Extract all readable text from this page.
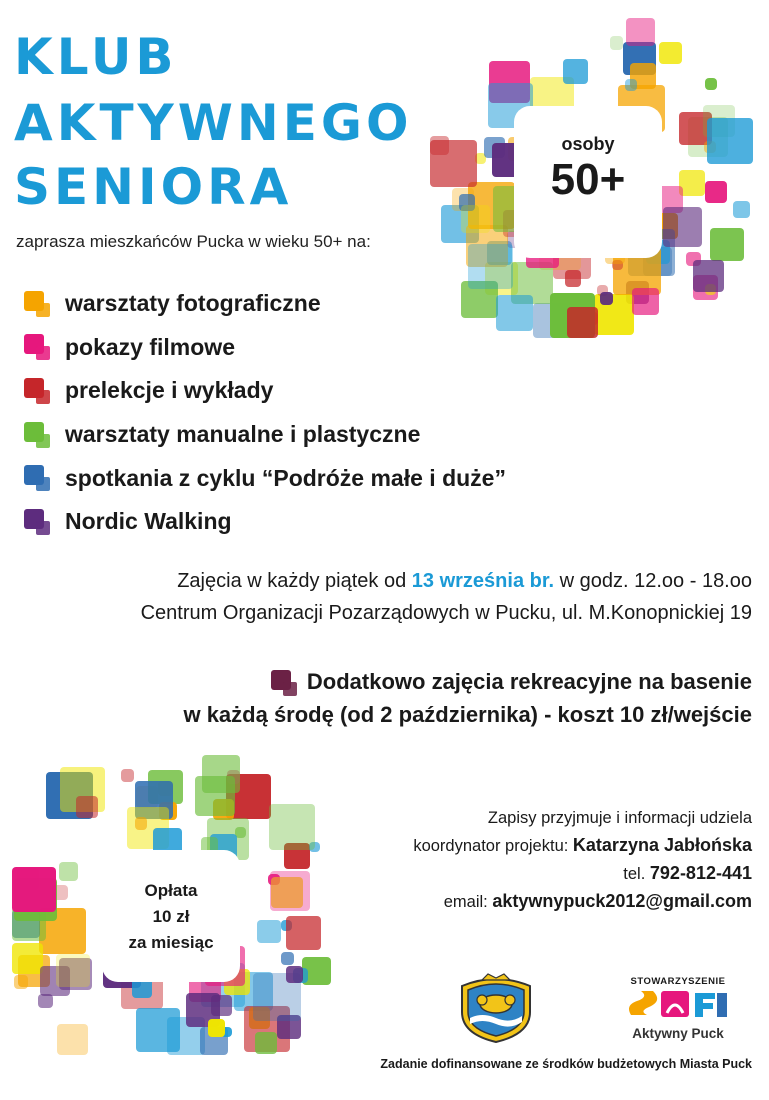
KLUB
AKTYWNEGO
SENIORA
zaprasza mieszkańców Pucka w wieku 50+ na:
osoby
50+
warsztaty fotograficzne
pokazy filmowe
prelekcje i wykłady
warsztaty manualne i plastyczne
spotkania z cyklu “Podróże małe i duże”
Nordic Walking
Zajęcia w każdy piątek od 13 września br. w godz. 12.oo - 18.oo
Centrum Organizacji Pozarządowych w Pucku, ul. M.Konopnickiej 19
Dodatkowo zajęcia rekreacyjne na basenie
w każdą środę (od 2 października) - koszt 10 zł/wejście
Opłata
10 zł
za miesiąc
Zapisy przyjmuje i informacji udziela
koordynator projektu: Katarzyna Jabłońska
tel. 792-812-441
email: aktywnypuck2012@gmail.com
STOWARZYSZENIE
Aktywny Puck
Zadanie dofinansowane ze środków budżetowych Miasta Puck
